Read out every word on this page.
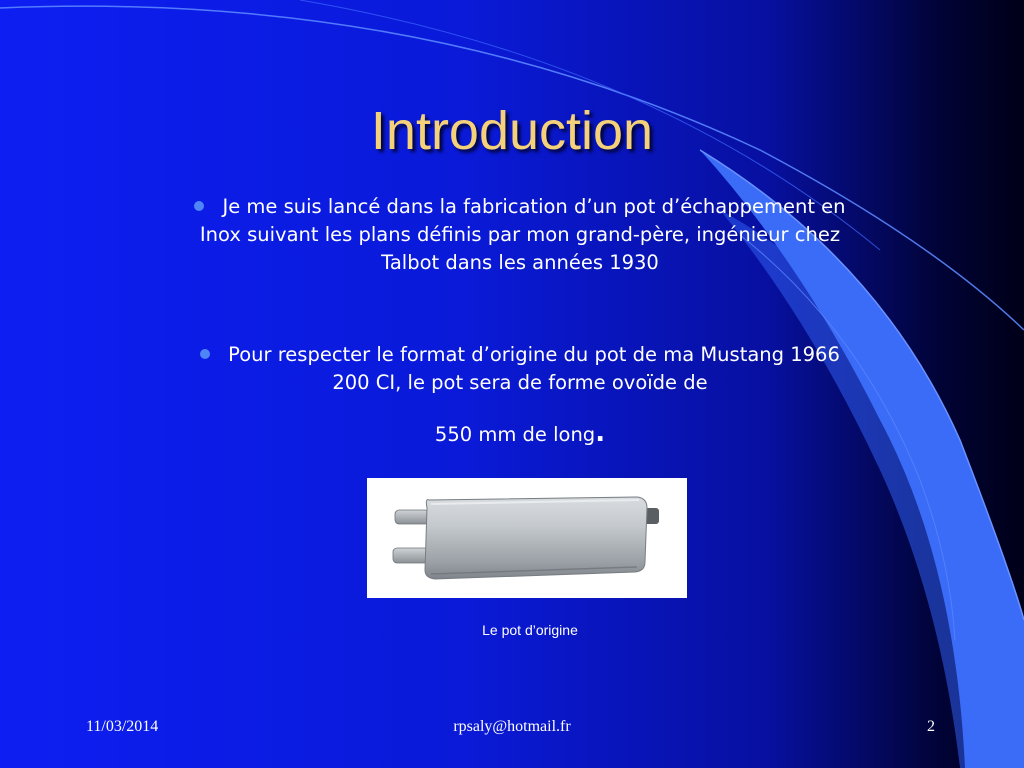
Introduction
Je me suis lancé dans la fabrication d’un pot d’échappement en Inox suivant les plans définis par mon grand-père, ingénieur chez Talbot dans les années 1930
Pour respecter le format d’origine du pot de ma Mustang 1966 200 CI, le pot sera de forme ovoïde de
550 mm de long.
Le pot d’origine
11/03/2014	rpsaly@hotmail.fr	2
